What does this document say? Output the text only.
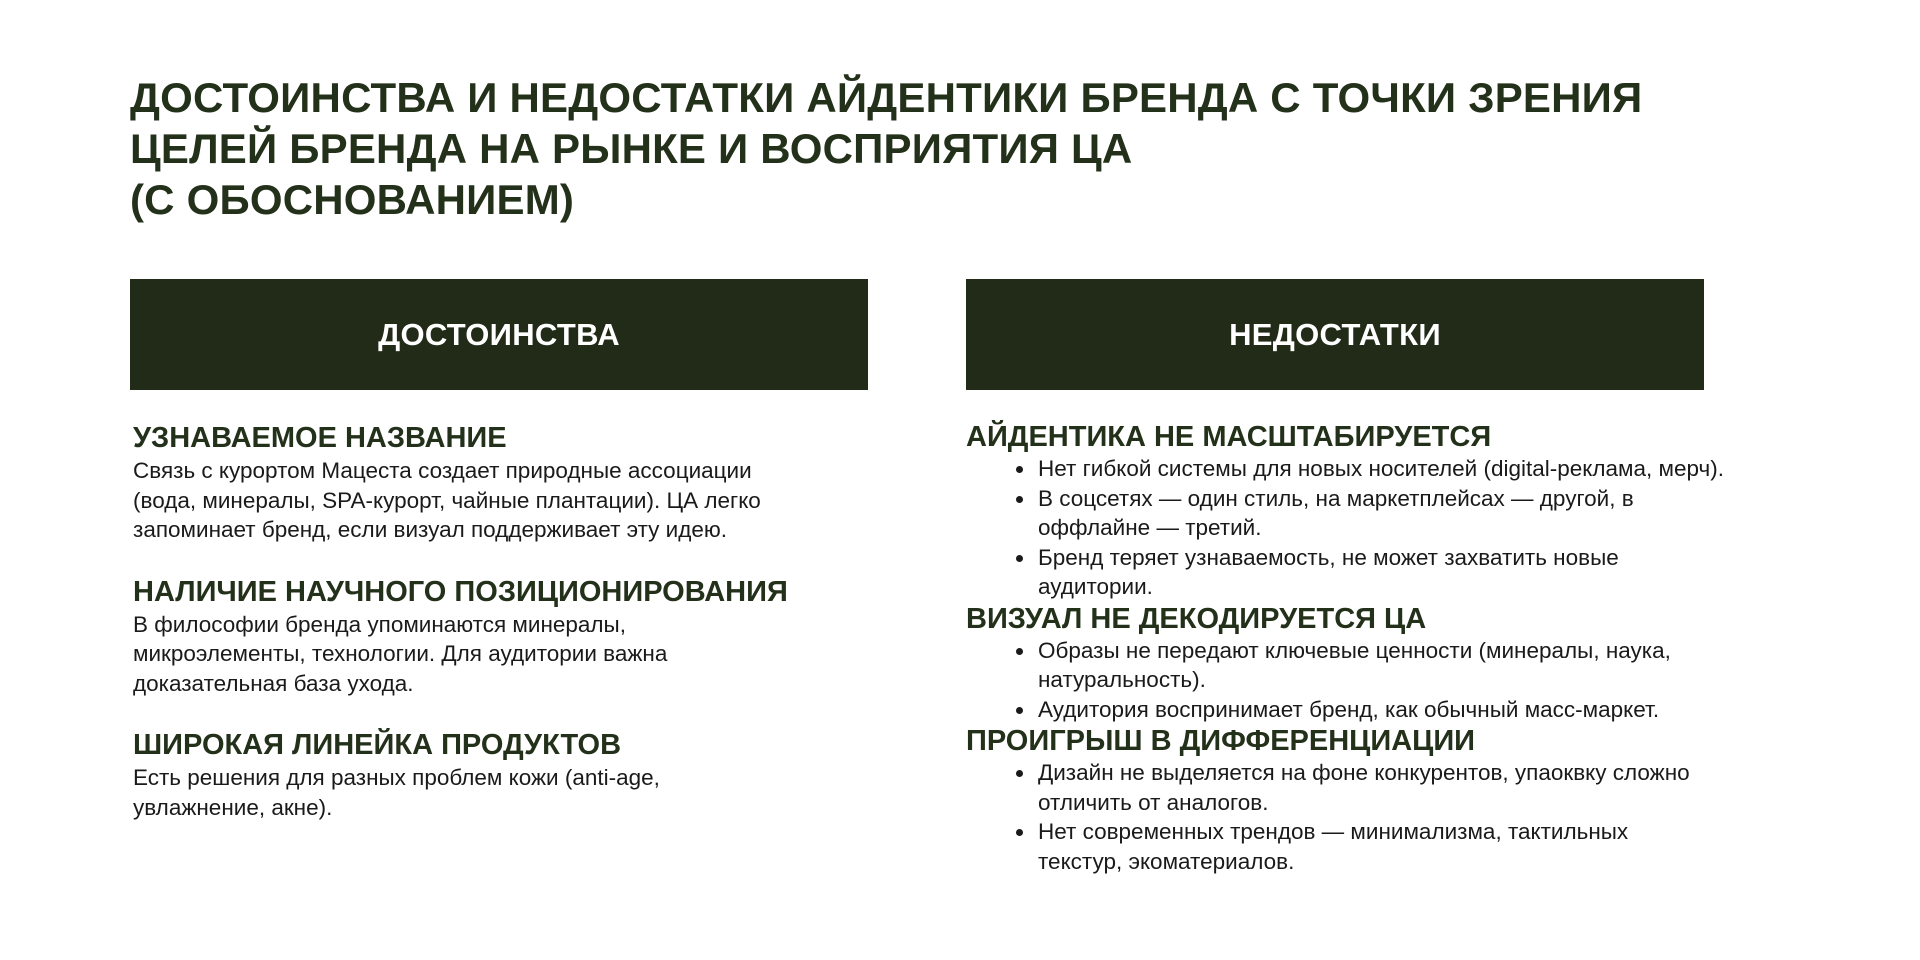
ДОСТОИНСТВА И НЕДОСТАТКИ АЙДЕНТИКИ БРЕНДА С ТОЧКИ ЗРЕНИЯ
ЦЕЛЕЙ БРЕНДА НА РЫНКЕ И ВОСПРИЯТИЯ ЦА
(С ОБОСНОВАНИЕМ)
ДОСТОИНСТВА	НЕДОСТАТКИ
УЗНАВАЕМОЕ НАЗВАНИЕ

Связь с курортом Мацеста создает природные ассоциации
(вода, минералы, SPA-курорт, чайные плантации). ЦА легко
запоминает бренд, если визуал поддерживает эту идею.

НАЛИЧИЕ НАУЧНОГО ПОЗИЦИОНИРОВАНИЯ

В философии бренда упоминаются минералы,
микроэлементы, технологии. Для аудитории важна
доказательная база ухода.

ШИРОКАЯ ЛИНЕЙКА ПРОДУКТОВ

Есть решения для разных проблем кожи (anti-age,
увлажнение, акне).

АЙДЕНТИКА НЕ МАСШТАБИРУЕТСЯ
Нет гибкой системы для новых носителей (digital-реклама, мерч).
В соцсетях — один стиль, на маркетплейсах — другой, в
оффлайне — третий.
Бренд теряет узнаваемость, не может захватить новые
аудитории.
ВИЗУАЛ НЕ ДЕКОДИРУЕТСЯ ЦА
Образы не передают ключевые ценности (минералы, наука,
натуральность).
Аудитория воспринимает бренд, как обычный масс-маркет.
ПРОИГРЫШ В ДИФФЕРЕНЦИАЦИИ
Дизайн не выделяется на фоне конкурентов, упаоквку сложно
отличить от аналогов.
Нет современных трендов — минимализма, тактильных
текстур, экоматериалов.
